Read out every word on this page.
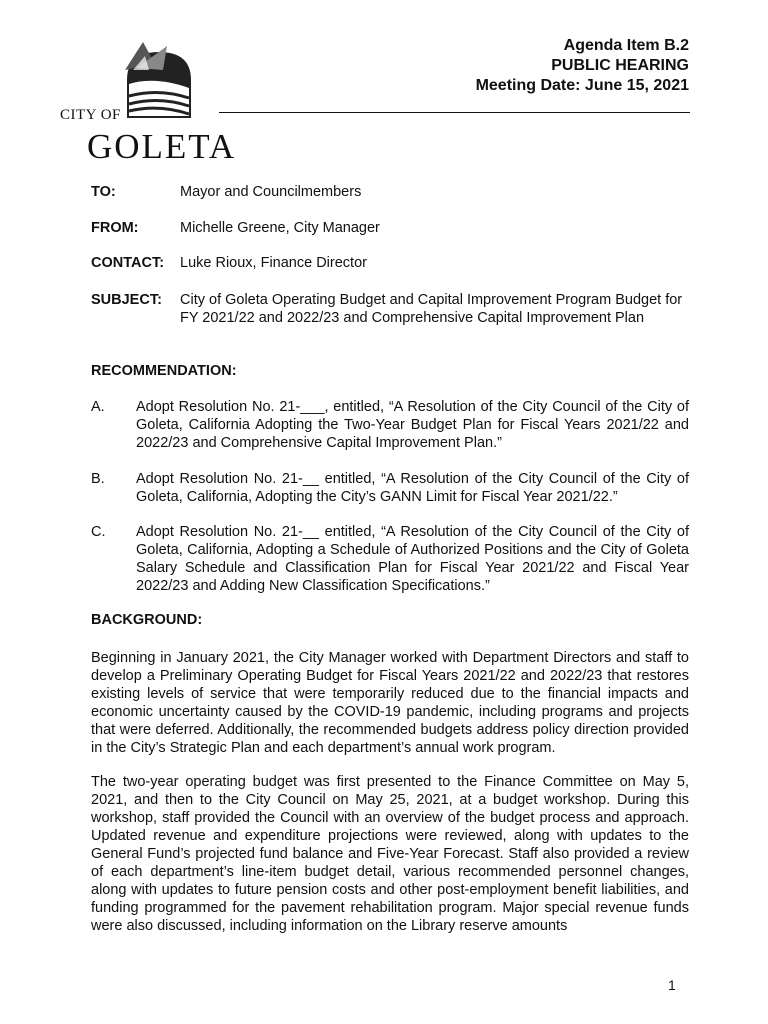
CITY OF
GOLETA
Agenda Item B.2
PUBLIC HEARING
Meeting Date: June 15, 2021
TO:	Mayor and Councilmembers
FROM:	Michelle Greene, City Manager
CONTACT: Luke Rioux, Finance Director
SUBJECT: City of Goleta Operating Budget and Capital Improvement Program Budget for FY 2021/22 and 2022/23 and Comprehensive Capital Improvement Plan
RECOMMENDATION:
A. Adopt Resolution No. 21-___, entitled, “A Resolution of the City Council of the City of Goleta, California Adopting the Two-Year Budget Plan for Fiscal Years 2021/22 and 2022/23 and Comprehensive Capital Improvement Plan.”
B. Adopt Resolution No. 21-__ entitled, “A Resolution of the City Council of the City of Goleta, California, Adopting the City’s GANN Limit for Fiscal Year 2021/22.”
C. Adopt Resolution No. 21-__ entitled, “A Resolution of the City Council of the City of Goleta, California, Adopting a Schedule of Authorized Positions and the City of Goleta Salary Schedule and Classification Plan for Fiscal Year 2021/22 and Fiscal Year 2022/23 and Adding New Classification Specifications.”
BACKGROUND:
Beginning in January 2021, the City Manager worked with Department Directors and staff to develop a Preliminary Operating Budget for Fiscal Years 2021/22 and 2022/23 that restores existing levels of service that were temporarily reduced due to the financial impacts and economic uncertainty caused by the COVID-19 pandemic, including programs and projects that were deferred. Additionally, the recommended budgets address policy direction provided in the City’s Strategic Plan and each department’s annual work program.
The two-year operating budget was first presented to the Finance Committee on May 5, 2021, and then to the City Council on May 25, 2021, at a budget workshop. During this workshop, staff provided the Council with an overview of the budget process and approach. Updated revenue and expenditure projections were reviewed, along with updates to the General Fund’s projected fund balance and Five-Year Forecast. Staff also provided a review of each department’s line-item budget detail, various recommended personnel changes, along with updates to future pension costs and other post-employment benefit liabilities, and funding programmed for the pavement rehabilitation program. Major special revenue funds were also discussed, including information on the Library reserve amounts
1
